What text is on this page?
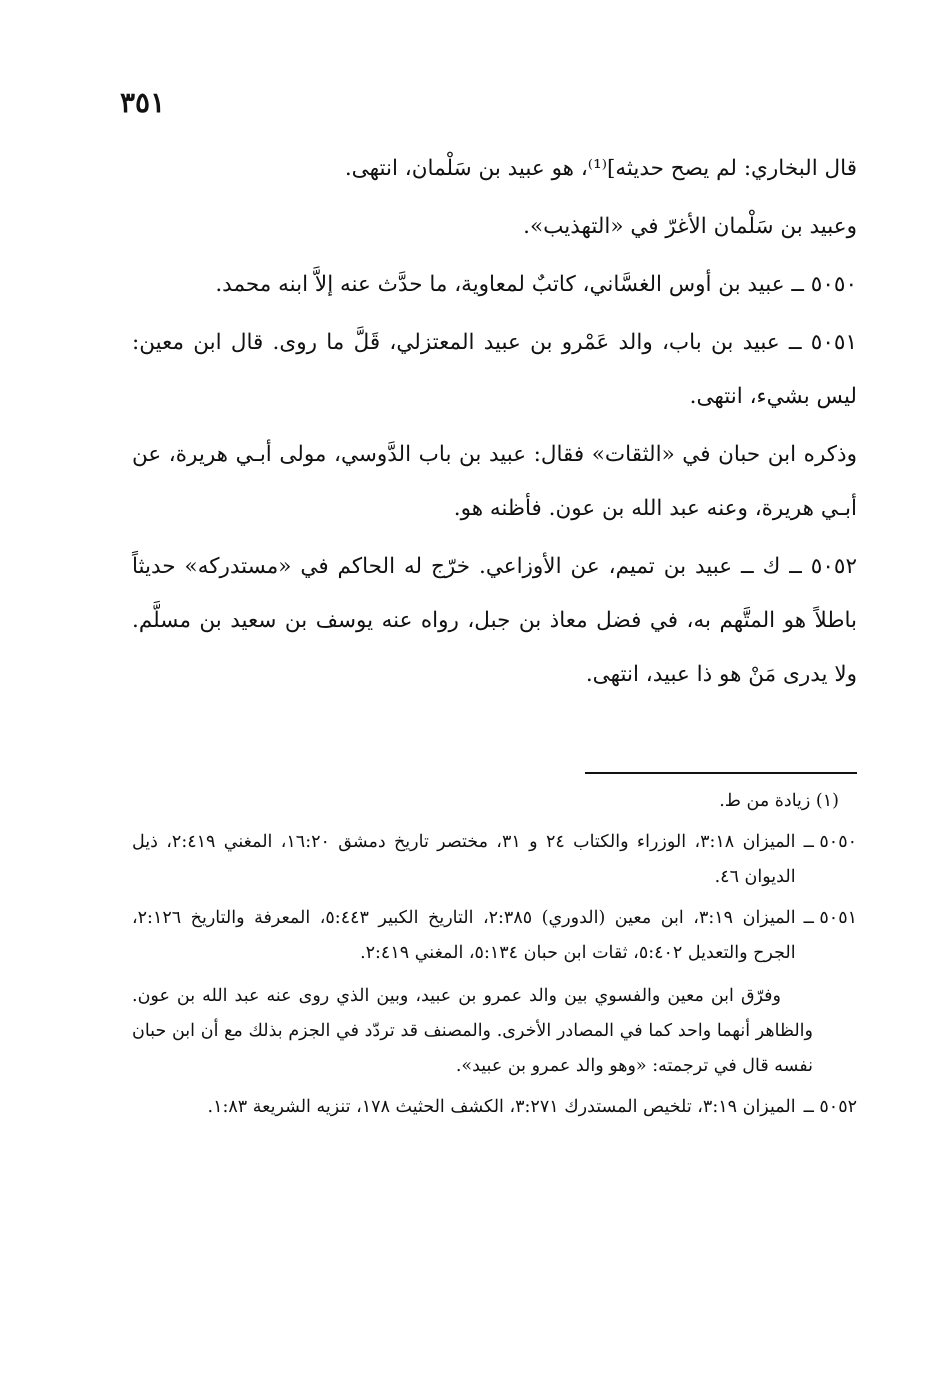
٣٥١

قال البخاري: لم يصح حديثه]⁽¹⁾، هو عبيد بن سَلْمان، انتهى.

وعبيد بن سَلْمان الأغرّ في «التهذيب».

٥٠٥٠ ــ عبيد بن أوس الغسَّاني، كاتبٌ لمعاوية، ما حدَّث عنه إلاَّ ابنه محمد.

٥٠٥١ ــ عبيد بن باب، والد عَمْرو بن عبيد المعتزلي، قَلَّ ما روى. قال ابن معين: ليس بشيء، انتهى.

وذكره ابن حبان في «الثقات» فقال: عبيد بن باب الدَّوسي، مولى أبـي هريرة، عن أبـي هريرة، وعنه عبد الله بن عون. فأظنه هو.

٥٠٥٢ ــ ك ــ عبيد بن تميم، عن الأوزاعي. خرّج له الحاكم في «مستدركه» حديثاً باطلاً هو المتَّهم به، في فضل معاذ بن جبل، رواه عنه يوسف بن سعيد بن مسلَّم. ولا يدرى مَنْ هو ذا عبيد، انتهى.

(١) زيادة من ط.
٥٠٥٠ ــ
الميزان ٣:١٨، الوزراء والكتاب ٢٤ و ٣١، مختصر تاريخ دمشق ١٦:٢٠، المغني ٢:٤١٩، ذيل الديوان ٤٦.
٥٠٥١ ــ
الميزان ٣:١٩، ابن معين (الدوري) ٢:٣٨٥، التاريخ الكبير ٥:٤٤٣، المعرفة والتاريخ ٢:١٢٦، الجرح والتعديل ٥:٤٠٢، ثقات ابن حبان ٥:١٣٤، المغني ٢:٤١٩.
وفرّق ابن معين والفسوي بين والد عمرو بن عبيد، وبين الذي روى عنه عبد الله بن عون. والظاهر أنهما واحد كما في المصادر الأخرى. والمصنف قد تردّد في الجزم بذلك مع أن ابن حبان نفسه قال في ترجمته: «وهو والد عمرو بن عبيد».
٥٠٥٢ ــ
الميزان ٣:١٩، تلخيص المستدرك ٣:٢٧١، الكشف الحثيث ١٧٨، تنزيه الشريعة ١:٨٣.
